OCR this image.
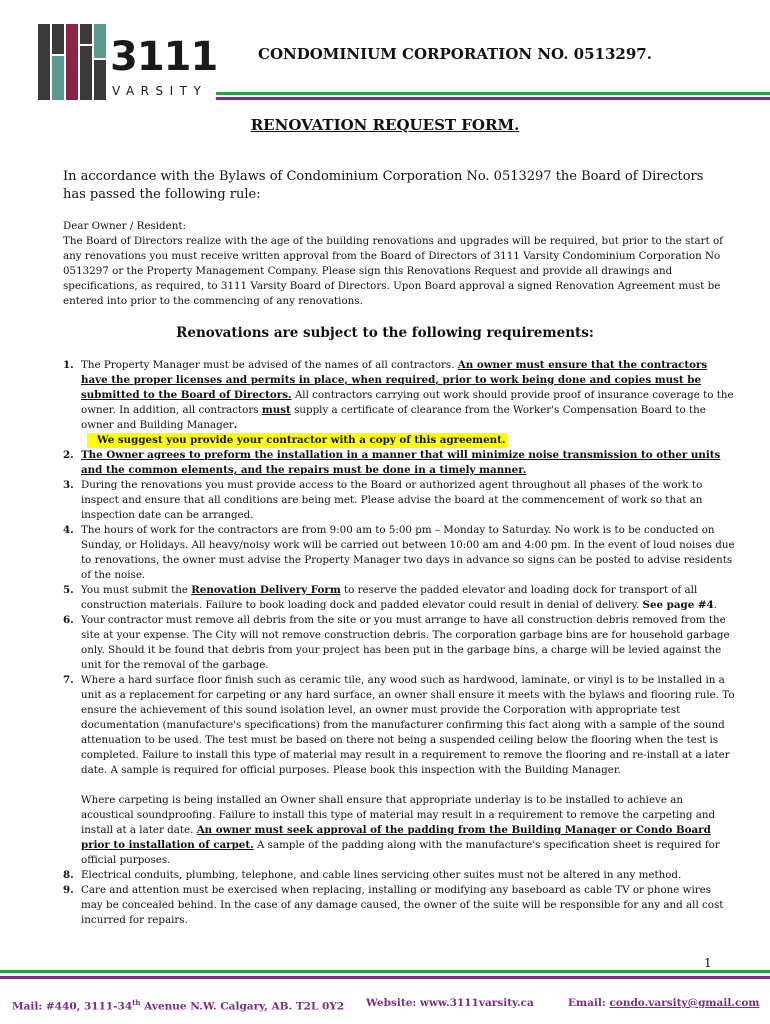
3111
VARSITY
CONDOMINIUM CORPORATION NO. 0513297.
RENOVATION REQUEST FORM.

In accordance with the Bylaws of Condominium Corporation No. 0513297 the Board of Directors has passed the following rule:

Dear Owner / Resident:

The Board of Directors realize with the age of the building renovations and upgrades will be required, but prior to the start of any renovations you must receive written approval from the Board of Directors of 3111 Varsity Condominium Corporation No 0513297 or the Property Management Company. Please sign this Renovations Request and provide all drawings and specifications, as required, to 3111 Varsity Board of Directors. Upon Board approval a signed Renovation Agreement must be entered into prior to the commencing of any renovations.

Renovations are subject to the following requirements:
1. The Property Manager must be advised of the names of all contractors. An owner must ensure that the contractors have the proper licenses and permits in place, when required, prior to work being done and copies must be submitted to the Board of Directors. All contractors carrying out work should provide proof of insurance coverage to the owner. In addition, all contractors must supply a certificate of clearance from the Worker's Compensation Board to the owner and Building Manager.
We suggest you provide your contractor with a copy of this agreement.
2. The Owner agrees to preform the installation in a manner that will minimize noise transmission to other units and the common elements, and the repairs must be done in a timely manner.
3. During the renovations you must provide access to the Board or authorized agent throughout all phases of the work to inspect and ensure that all conditions are being met. Please advise the board at the commencement of work so that an inspection date can be arranged.
4. The hours of work for the contractors are from 9:00 am to 5:00 pm – Monday to Saturday. No work is to be conducted on Sunday, or Holidays. All heavy/noisy work will be carried out between 10:00 am and 4:00 pm. In the event of loud noises due to renovations, the owner must advise the Property Manager two days in advance so signs can be posted to advise residents of the noise.
5. You must submit the Renovation Delivery Form to reserve the padded elevator and loading dock for transport of all construction materials. Failure to book loading dock and padded elevator could result in denial of delivery. See page #4.
6. Your contractor must remove all debris from the site or you must arrange to have all construction debris removed from the site at your expense. The City will not remove construction debris. The corporation garbage bins are for household garbage only. Should it be found that debris from your project has been put in the garbage bins, a charge will be levied against the unit for the removal of the garbage.
7. Where a hard surface floor finish such as ceramic tile, any wood such as hardwood, laminate, or vinyl is to be installed in a unit as a replacement for carpeting or any hard surface, an owner shall ensure it meets with the bylaws and flooring rule. To ensure the achievement of this sound isolation level, an owner must provide the Corporation with appropriate test documentation (manufacture's specifications) from the manufacturer confirming this fact along with a sample of the sound attenuation to be used. The test must be based on there not being a suspended ceiling below the flooring when the test is completed. Failure to install this type of material may result in a requirement to remove the flooring and re-install at a later date. A sample is required for official purposes. Please book this inspection with the Building Manager.
Where carpeting is being installed an Owner shall ensure that appropriate underlay is to be installed to achieve an acoustical soundproofing. Failure to install this type of material may result in a requirement to remove the carpeting and install at a later date. An owner must seek approval of the padding from the Building Manager or Condo Board prior to installation of carpet. A sample of the padding along with the manufacture's specification sheet is required for official purposes.
8. Electrical conduits, plumbing, telephone, and cable lines servicing other suites must not be altered in any method.
9. Care and attention must be exercised when replacing, installing or modifying any baseboard as cable TV or phone wires may be concealed behind. In the case of any damage caused, the owner of the suite will be responsible for any and all cost incurred for repairs.
1
Mail: #440, 3111-34th Avenue N.W. Calgary, AB. T2L 0Y2 Website: www.3111varsity.ca	Email: condo.varsity@gmail.com
